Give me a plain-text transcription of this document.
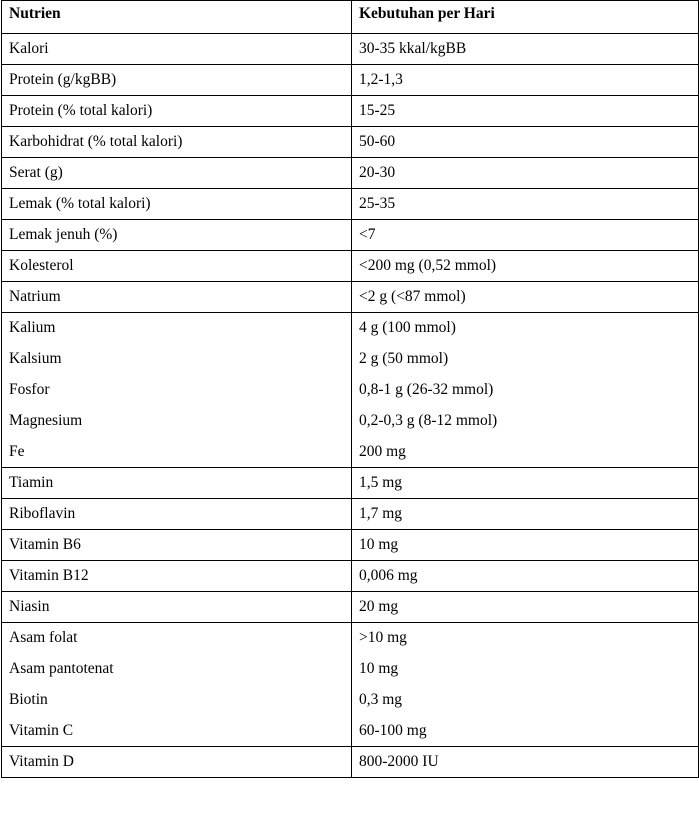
Nutrien	Kebutuhan per Hari
Kalori	30-35 kkal/kgBB
Protein (g/kgBB)	1,2-1,3
Protein (% total kalori)	15-25
Karbohidrat (% total kalori)	50-60
Serat (g)	20-30
Lemak (% total kalori)	25-35
Lemak jenuh (%)	<7
Kolesterol	<200 mg (0,52 mmol)
Natrium	<2 g (<87 mmol)
Kalium	4 g (100 mmol)
Kalsium	2 g (50 mmol)
Fosfor	0,8-1 g (26-32 mmol)
Magnesium	0,2-0,3 g (8-12 mmol)
Fe	200 mg
Tiamin	1,5 mg
Riboflavin	1,7 mg
Vitamin B6	10 mg
Vitamin B12	0,006 mg
Niasin	20 mg
Asam folat	>10 mg
Asam pantotenat	10 mg
Biotin	0,3 mg
Vitamin C	60-100 mg
Vitamin D	800-2000 IU
